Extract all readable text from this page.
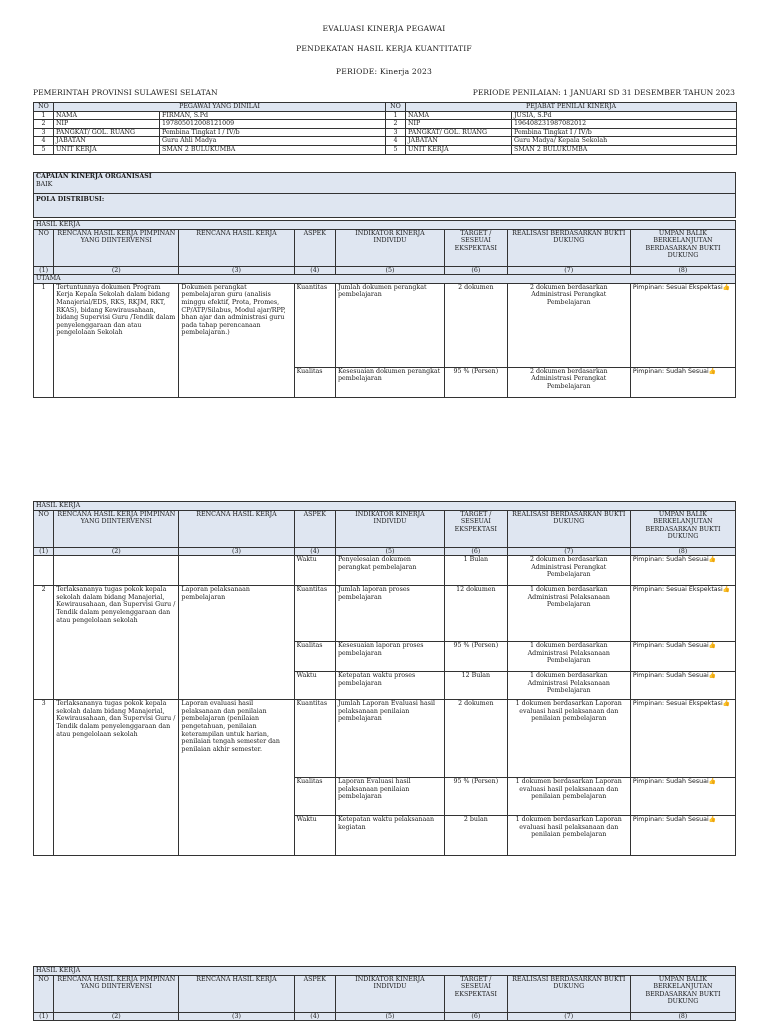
EVALUASI KINERJA PEGAWAI
PENDEKATAN HASIL KERJA KUANTITATIF
PERIODE: Kinerja 2023
PEMERINTAH PROVINSI SULAWESI SELATAN	PERIODE PENILAIAN: 1 JANUARI SD 31 DESEMBER TAHUN 2023
NO	PEGAWAI YANG DINILAI		NO	PEJABAT PENILAI KINERJA	
1	NAMA	FIRMAN, S.Pd	1	NAMA	JUSIA, S.Pd
2	NIP	197805012008121009	2	NIP	196408231987082012
3	PANGKAT/ GOL. RUANG	Pembina Tingkat I / IV/b	3	PANGKAT/ GOL. RUANG	Pembina Tingkat I / IV/b
4	JABATAN	Guru Ahli Madya	4	JABATAN	Guru Madya/ Kepala Sekolah
5	UNIT KERJA	SMAN 2 BULUKUMBA	5	UNIT KERJA	SMAN 2 BULUKUMBA
CAPAIAN KINERJA ORGANISASI
BAIK

POLA DISTRIBUSI:
HASIL KERJA							
NO	RENCANA HASIL KERJA PIMPINAN YANG DIINTERVENSI	RENCANA HASIL KERJA	ASPEK	INDIKATOR KINERJA INDIVIDU	TARGET / SESEUAI EKSPEKTASI	REALISASI BERDASARKAN BUKTI DUKUNG	UMPAN BALIK BERKELANJUTAN BERDASARKAN BUKTI DUKUNG
(1)	(2)	(3)	(4)	(5)	(6)	(7)	(8)
UTAMA							
1	Tertuntunnya dokumen Program Kerja Kepala Sekolah dalam bidang Manajerial/EDS, RKS, RKJM, RKT, RKAS), bidang Kewirausahaan, bidang Supervisi Guru /Tendik dalam penyelenggaraan dan atau pengelolaan Sekolah	Dokumen perangkat pembelajaran guru (analisis minggu efektif, Prota, Promes, CP/ATP/Silabus, Modul ajar/RPP, bhan ajar dan administrasi guru pada tahap perencanaan pembelajaran.)	Kuantitas	Jumlah dokumen perangkat pembelajaran	2 dokumen	2 dokumen berdasarkan Administrasi Perangkat Pembelajaran	Pimpinan: Sesuai Ekspektasi👍
			Kualitas	Kesesuaian dokumen perangkat pembelajaran	95 % (Persen)	2 dokumen berdasarkan Administrasi Perangkat Pembelajaran	Pimpinan: Sudah Sesuai👍
HASIL KERJA							
NO	RENCANA HASIL KERJA PIMPINAN YANG DIINTERVENSI	RENCANA HASIL KERJA	ASPEK	INDIKATOR KINERJA INDIVIDU	TARGET / SESEUAI EKSPEKTASI	REALISASI BERDASARKAN BUKTI DUKUNG	UMPAN BALIK BERKELANJUTAN BERDASARKAN BUKTI DUKUNG
(1)	(2)	(3)	(4)	(5)	(6)	(7)	(8)
			Waktu	Penyelesaian dokumen perangkat pembelajaran	1 Bulan	2 dokumen berdasarkan Administrasi Perangkat Pembelajaran	Pimpinan: Sudah Sesuai👍
2	Terlaksananya tugas pokok kepala sekolah dalam bidang Manajerial, Kewirausahaan, dan Supervisi Guru / Tendik dalam penyelenggaraan dan atau pengelolaan sekolah	Laporan pelaksanaan pembelajaran	Kuantitas	Jumlah laporan proses pembelajaran	12 dokumen	1 dokumen berdasarkan Administrasi Pelaksanaan Pembelajaran	Pimpinan: Sesuai Ekspektasi👍
			Kualitas	Kesesuaian laporan proses pembelajaran	95 % (Persen)	1 dokumen berdasarkan Administrasi Pelaksanaan Pembelajaran	Pimpinan: Sudah Sesuai👍
			Waktu	Ketepatan waktu proses pembelajaran	12 Bulan	1 dokumen berdasarkan Administrasi Pelaksanaan Pembelajaran	Pimpinan: Sudah Sesuai👍
3	Terlaksananya tugas pokok kepala sekolah dalam bidang Manajerial, Kewirausahaan, dan Supervisi Guru / Tendik dalam penyelenggaraan dan atau pengelolaan sekolah	Laporan evaluasi hasil pelaksanaan dan penilaian pembelajaran (penilaian pengetahuan, penilaian keterampilan untuk harian, penilaian tengah semester dan penilaian akhir semester.	Kuantitas	Jumlah Laporan Evaluasi hasil pelaksanaan penilaian pembelajaran	2 dokumen	1 dokumen berdasarkan Laporan evaluasi hasil pelaksanaan dan penilaian pembelajaran	Pimpinan: Sesuai Ekspektasi👍
			Kualitas	Laporan Evaluasi hasil pelaksanaan penilaian pembelajaran	95 % (Persen)	1 dokumen berdasarkan Laporan evaluasi hasil pelaksanaan dan penilaian pembelajaran	Pimpinan: Sudah Sesuai👍
			Waktu	Ketepatan waktu pelaksanaan kegiatan	2 bulan	1 dokumen berdasarkan Laporan evaluasi hasil pelaksanaan dan penilaian pembelajaran	Pimpinan: Sudah Sesuai👍
HASIL KERJA							
NO	RENCANA HASIL KERJA PIMPINAN YANG DIINTERVENSI	RENCANA HASIL KERJA	ASPEK	INDIKATOR KINERJA INDIVIDU	TARGET / SESEUAI EKSPEKTASI	REALISASI BERDASARKAN BUKTI DUKUNG	UMPAN BALIK BERKELANJUTAN BERDASARKAN BUKTI DUKUNG
(1)	(2)	(3)	(4)	(5)	(6)	(7)	(8)
